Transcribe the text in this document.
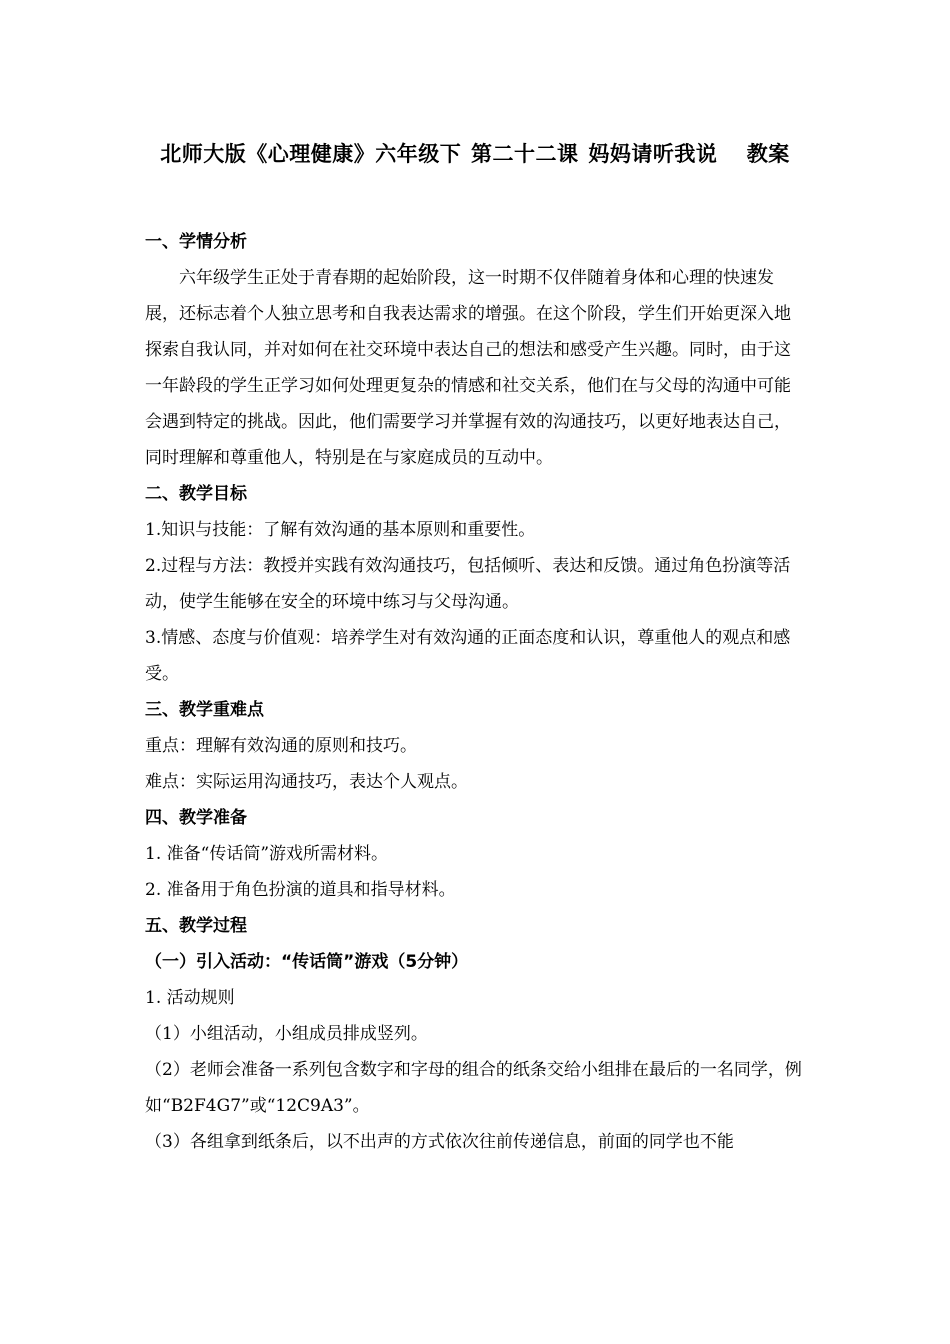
北师大版《心理健康》六年级下 第二十二课 妈妈请听我说   教案

一、学情分析

六年级学生正处于青春期的起始阶段，这一时期不仅伴随着身体和心理的快速发展，还标志着个人独立思考和自我表达需求的增强。在这个阶段，学生们开始更深入地探索自我认同，并对如何在社交环境中表达自己的想法和感受产生兴趣。同时，由于这一年龄段的学生正学习如何处理更复杂的情感和社交关系，他们在与父母的沟通中可能会遇到特定的挑战。因此，他们需要学习并掌握有效的沟通技巧，以更好地表达自己，同时理解和尊重他人，特别是在与家庭成员的互动中。

二、教学目标

1.知识与技能：了解有效沟通的基本原则和重要性。

2.过程与方法：教授并实践有效沟通技巧，包括倾听、表达和反馈。通过角色扮演等活动，使学生能够在安全的环境中练习与父母沟通。

3.情感、态度与价值观：培养学生对有效沟通的正面态度和认识，尊重他人的观点和感受。

三、教学重难点

重点：理解有效沟通的原则和技巧。

难点：实际运用沟通技巧，表达个人观点。

四、教学准备

1. 准备“传话筒”游戏所需材料。

2. 准备用于角色扮演的道具和指导材料。

五、教学过程

（一）引入活动：“传话筒”游戏（5分钟）

1. 活动规则

（1）小组活动，小组成员排成竖列。

（2）老师会准备一系列包含数字和字母的组合的纸条交给小组排在最后的一名同学，例如“B2F4G7”或“12C9A3”。

（3）各组拿到纸条后，以不出声的方式依次往前传递信息，前面的同学也不能
